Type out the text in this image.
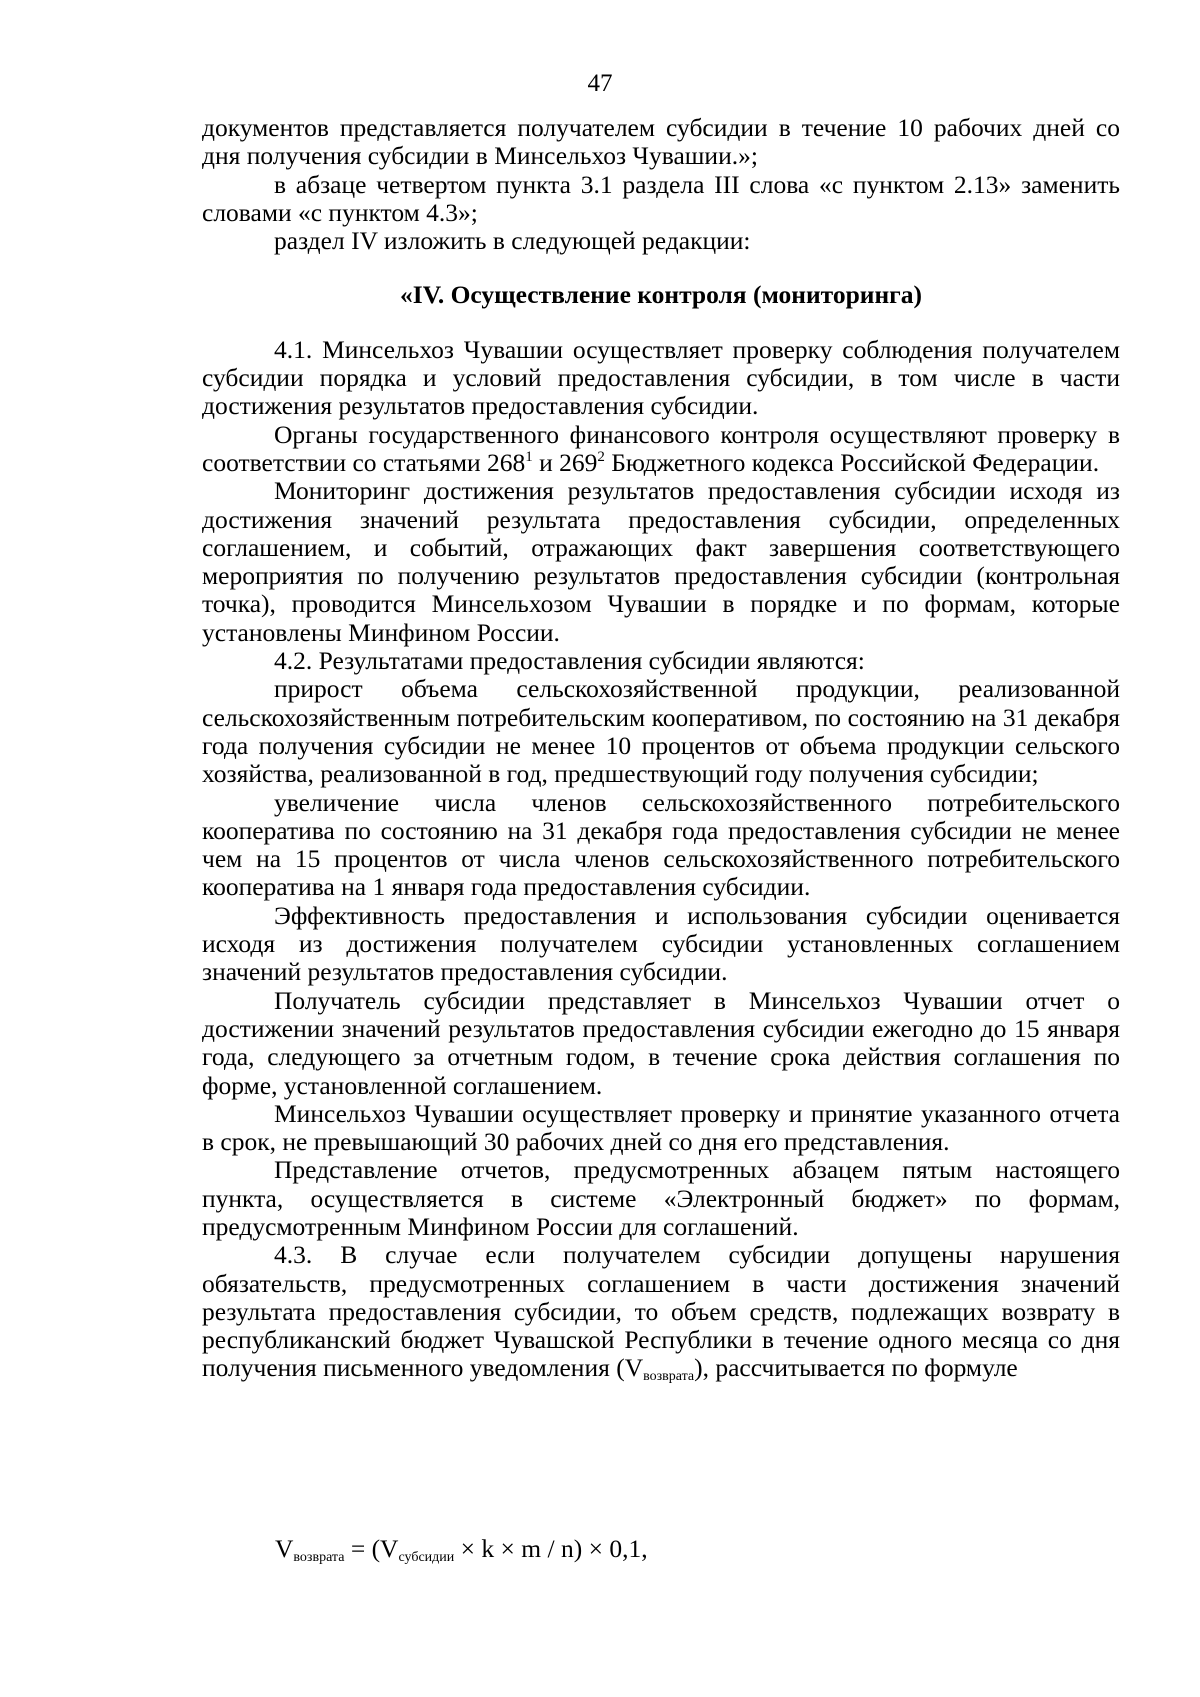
47

документов представляется получателем субсидии в течение 10 рабочих дней со дня получения субсидии в Минсельхоз Чувашии.»;

в абзаце четвертом пункта 3.1 раздела III слова «с пунктом 2.13» заменить словами «с пунктом 4.3»;

раздел IV изложить в следующей редакции:

«IV. Осуществление контроля (мониторинга)

4.1. Минсельхоз Чувашии осуществляет проверку соблюдения получателем субсидии порядка и условий предоставления субсидии, в том числе в части достижения результатов предоставления субсидии.

Органы государственного финансового контроля осуществляют проверку в соответствии со статьями $268^1$ и $269^2$ Бюджетного кодекса Российской Федерации.

Мониторинг достижения результатов предоставления субсидии исходя из достижения значений результата предоставления субсидии, определенных соглашением, и событий, отражающих факт завершения соответствующего мероприятия по получению результатов предоставления субсидии (контрольная точка), проводится Минсельхозом Чувашии в порядке и по формам, которые установлены Минфином России.

4.2. Результатами предоставления субсидии являются:

прирост объема сельскохозяйственной продукции, реализованной сельскохозяйственным потребительским кооперативом, по состоянию на 31 декабря года получения субсидии не менее 10 процентов от объема продукции сельского хозяйства, реализованной в год, предшествующий году получения субсидии;

увеличение числа членов сельскохозяйственного потребительского кооператива по состоянию на 31 декабря года предоставления субсидии не менее чем на 15 процентов от числа членов сельскохозяйственного потребительского кооператива на 1 января года предоставления субсидии.

Эффективность предоставления и использования субсидии оценивается исходя из достижения получателем субсидии установленных соглашением значений результатов предоставления субсидии.

Получатель субсидии представляет в Минсельхоз Чувашии отчет о достижении значений результатов предоставления субсидии ежегодно до 15 января года, следующего за отчетным годом, в течение срока действия соглашения по форме, установленной соглашением.

Минсельхоз Чувашии осуществляет проверку и принятие указанного отчета в срок, не превышающий 30 рабочих дней со дня его представления.

Представление отчетов, предусмотренных абзацем пятым настоящего пункта, осуществляется в системе «Электронный бюджет» по формам, предусмотренным Минфином России для соглашений.

4.3. В случае если получателем субсидии допущены нарушения обязательств, предусмотренных соглашением в части достижения значений результата предоставления субсидии, то объем средств, подлежащих возврату в республиканский бюджет Чувашской Республики в течение одного месяца со дня получения письменного уведомления $(V_{возврата})$, рассчитывается по формуле

$V_{возврата} = (V_{субсидии} \times k \times m / n) \times 0,1$,
